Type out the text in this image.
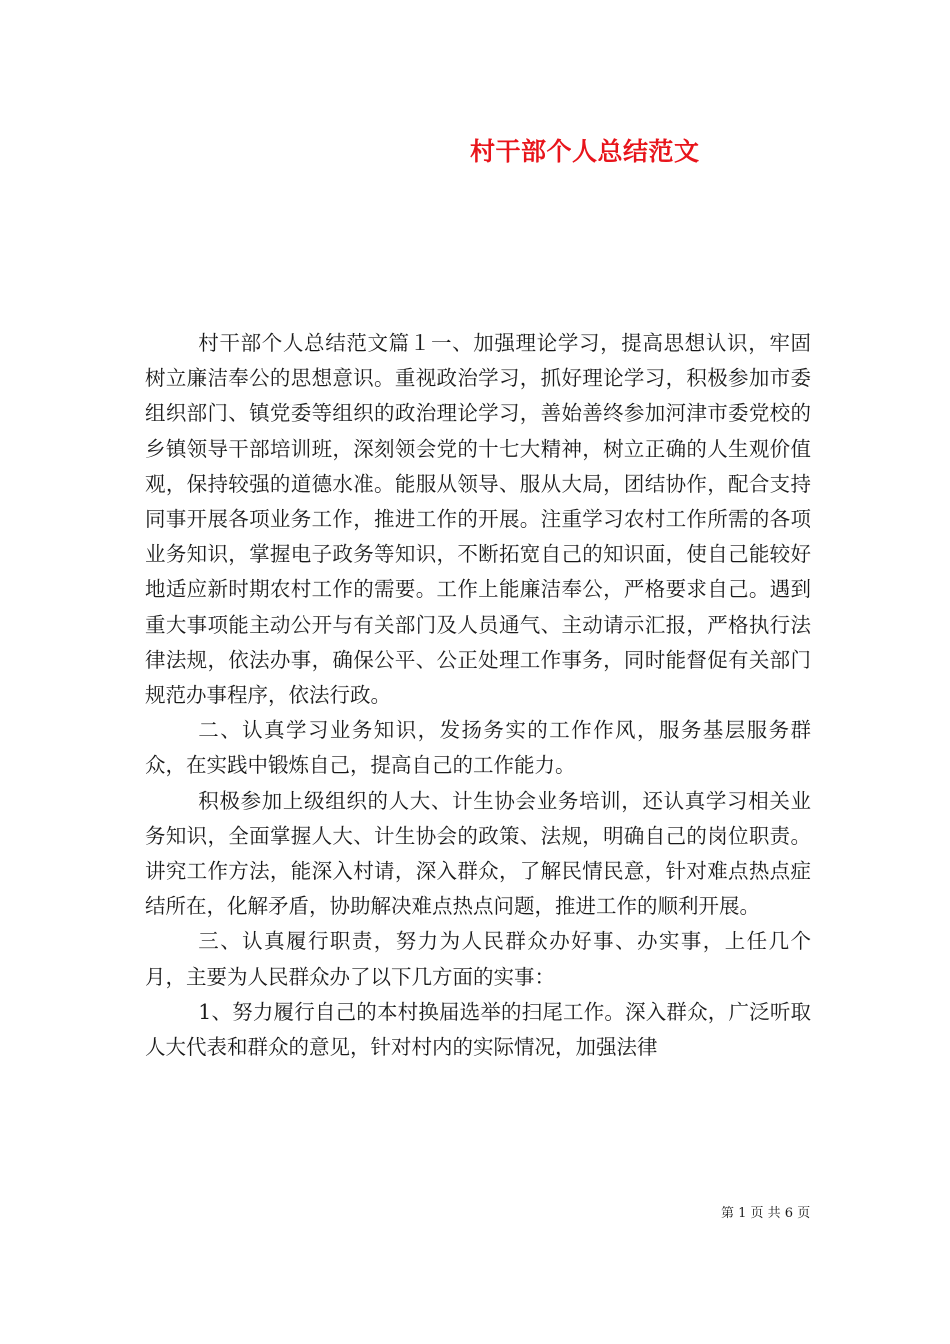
村干部个人总结范文

村干部个人总结范文篇１一、加强理论学习，提高思想认识，牢固树立廉洁奉公的思想意识。重视政治学习，抓好理论学习，积极参加市委组织部门、镇党委等组织的政治理论学习，善始善终参加河津市委党校的乡镇领导干部培训班，深刻领会党的十七大精神，树立正确的人生观价值观，保持较强的道德水准。能服从领导、服从大局，团结协作，配合支持同事开展各项业务工作，推进工作的开展。注重学习农村工作所需的各项业务知识，掌握电子政务等知识，不断拓宽自己的知识面，使自己能较好地适应新时期农村工作的需要。工作上能廉洁奉公，严格要求自己。遇到重大事项能主动公开与有关部门及人员通气、主动请示汇报，严格执行法律法规，依法办事，确保公平、公正处理工作事务，同时能督促有关部门规范办事程序，依法行政。

二、认真学习业务知识，发扬务实的工作作风，服务基层服务群众，在实践中锻炼自己，提高自己的工作能力。

积极参加上级组织的人大、计生协会业务培训，还认真学习相关业务知识，全面掌握人大、计生协会的政策、法规，明确自己的岗位职责。讲究工作方法，能深入村请，深入群众，了解民情民意，针对难点热点症结所在，化解矛盾，协助解决难点热点问题，推进工作的顺利开展。

三、认真履行职责，努力为人民群众办好事、办实事，上任几个月，主要为人民群众办了以下几方面的实事：

1、努力履行自己的本村换届选举的扫尾工作。深入群众，广泛听取人大代表和群众的意见，针对村内的实际情况，加强法律

第 1 页 共 6 页
